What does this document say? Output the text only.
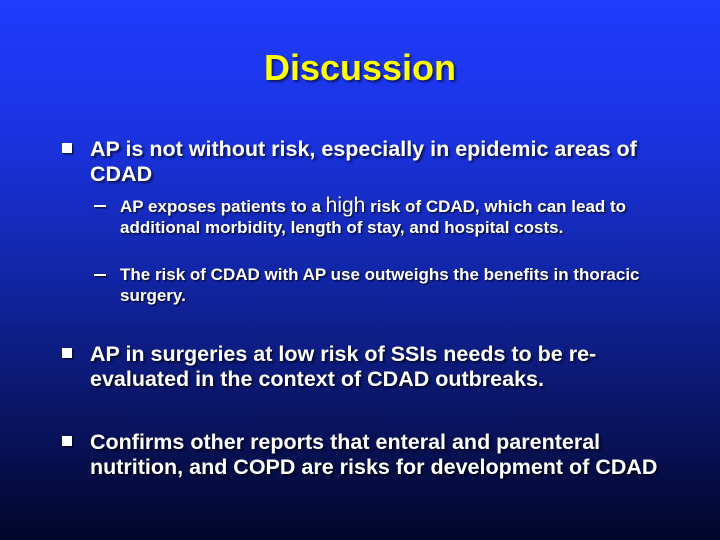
Discussion
AP is not without risk, especially in epidemic areas of CDAD
AP exposes patients to a high risk of CDAD, which can lead to additional morbidity, length of stay, and hospital costs.
The risk of CDAD with AP use outweighs the benefits in thoracic surgery.
AP in surgeries at low risk of SSIs needs to be re-evaluated in the context of CDAD outbreaks.
Confirms other reports that enteral and parenteral nutrition, and COPD are risks for development of CDAD
